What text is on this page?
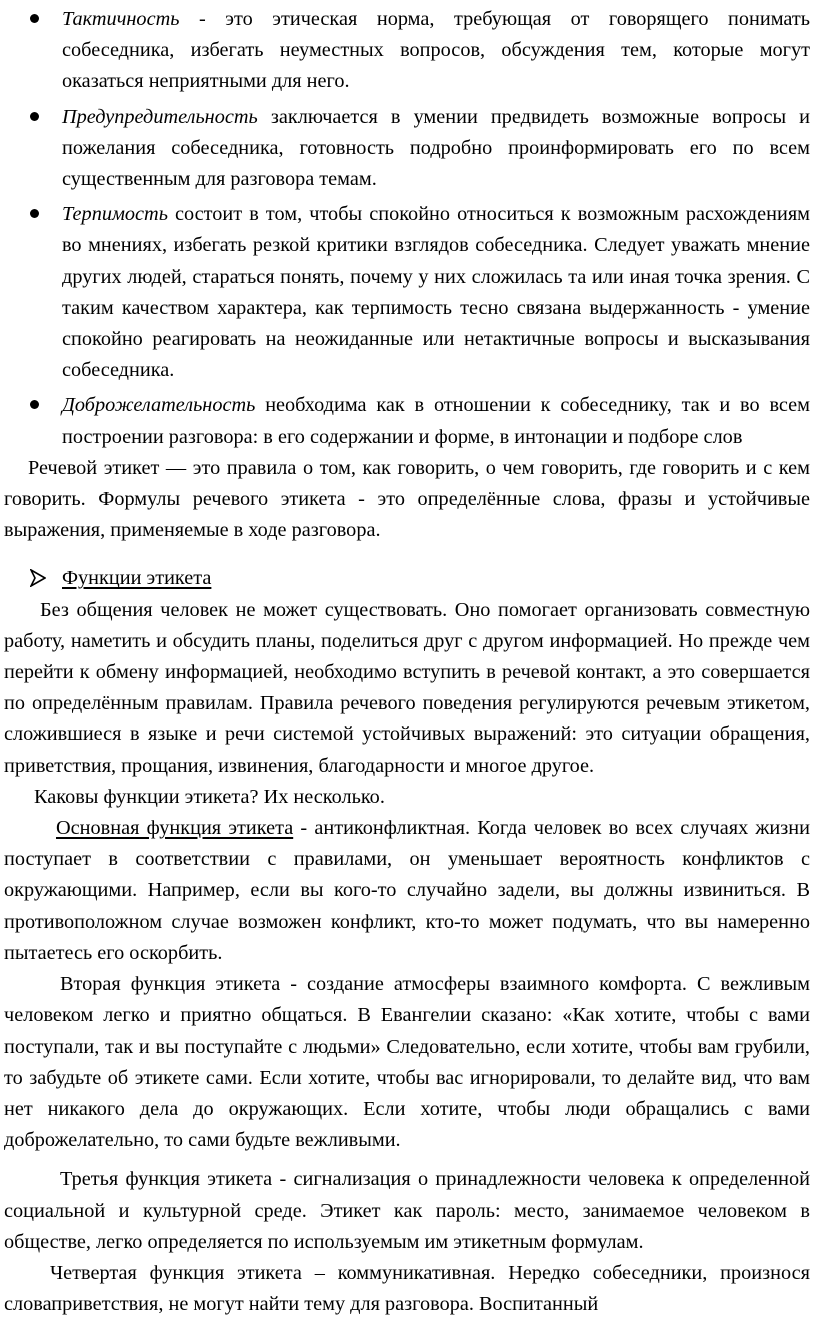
Тактичность - это этическая норма, требующая от говорящего понимать собеседника, избегать неуместных вопросов, обсуждения тем, которые могут оказаться неприятными для него.
Предупредительность заключается в умении предвидеть возможные вопросы и пожелания собеседника, готовность подробно проинформировать его по всем существенным для разговора темам.
Терпимость состоит в том, чтобы спокойно относиться к возможным расхождениям во мнениях, избегать резкой критики взглядов собеседника. Следует уважать мнение других людей, стараться понять, почему у них сложилась та или иная точка зрения. С таким качеством характера, как терпимость тесно связана выдержанность - умение спокойно реагировать на неожиданные или нетактичные вопросы и высказывания собеседника.
Доброжелательность необходима как в отношении к собеседнику, так и во всем построении разговора: в его содержании и форме, в интонации и подборе слов

Речевой этикет — это правила о том, как говорить, о чем говорить, где говорить и с кем говорить. Формулы речевого этикета - это определённые слова, фразы и устойчивые выражения, применяемые в ходе разговора.

Функции этикета

Без общения человек не может существовать. Оно помогает организовать совместную работу, наметить и обсудить планы, поделиться друг с другом информацией. Но прежде чем перейти к обмену информацией, необходимо вступить в речевой контакт, а это совершается по определённым правилам. Правила речевого поведения регулируются речевым этикетом, сложившиеся в языке и речи системой устойчивых выражений: это ситуации обращения, приветствия, прощания, извинения, благодарности и многое другое.

Каковы функции этикета? Их несколько.

Основная функция этикета - антиконфликтная. Когда человек во всех случаях жизни поступает в соответствии с правилами, он уменьшает вероятность конфликтов с окружающими. Например, если вы кого-то случайно задели, вы должны извиниться. В противоположном случае возможен конфликт, кто-то может подумать, что вы намеренно пытаетесь его оскорбить.

Вторая функция этикета - создание атмосферы взаимного комфорта. С вежливым человеком легко и приятно общаться. В Евангелии сказано: «Как хотите, чтобы с вами поступали, так и вы поступайте с людьми» Следовательно, если хотите, чтобы вам грубили, то забудьте об этикете сами. Если хотите, чтобы вас игнорировали, то делайте вид, что вам нет никакого дела до окружающих. Если хотите, чтобы люди обращались с вами доброжелательно, то сами будьте вежливыми.

Третья функция этикета - сигнализация о принадлежности человека к определенной социальной и культурной среде. Этикет как пароль: место, занимаемое человеком в обществе, легко определяется по используемым им этикетным формулам.

Четвертая функция этикета – коммуникативная. Нередко собеседники, произнося словаприветствия, не могут найти тему для разговора. Воспитанный
